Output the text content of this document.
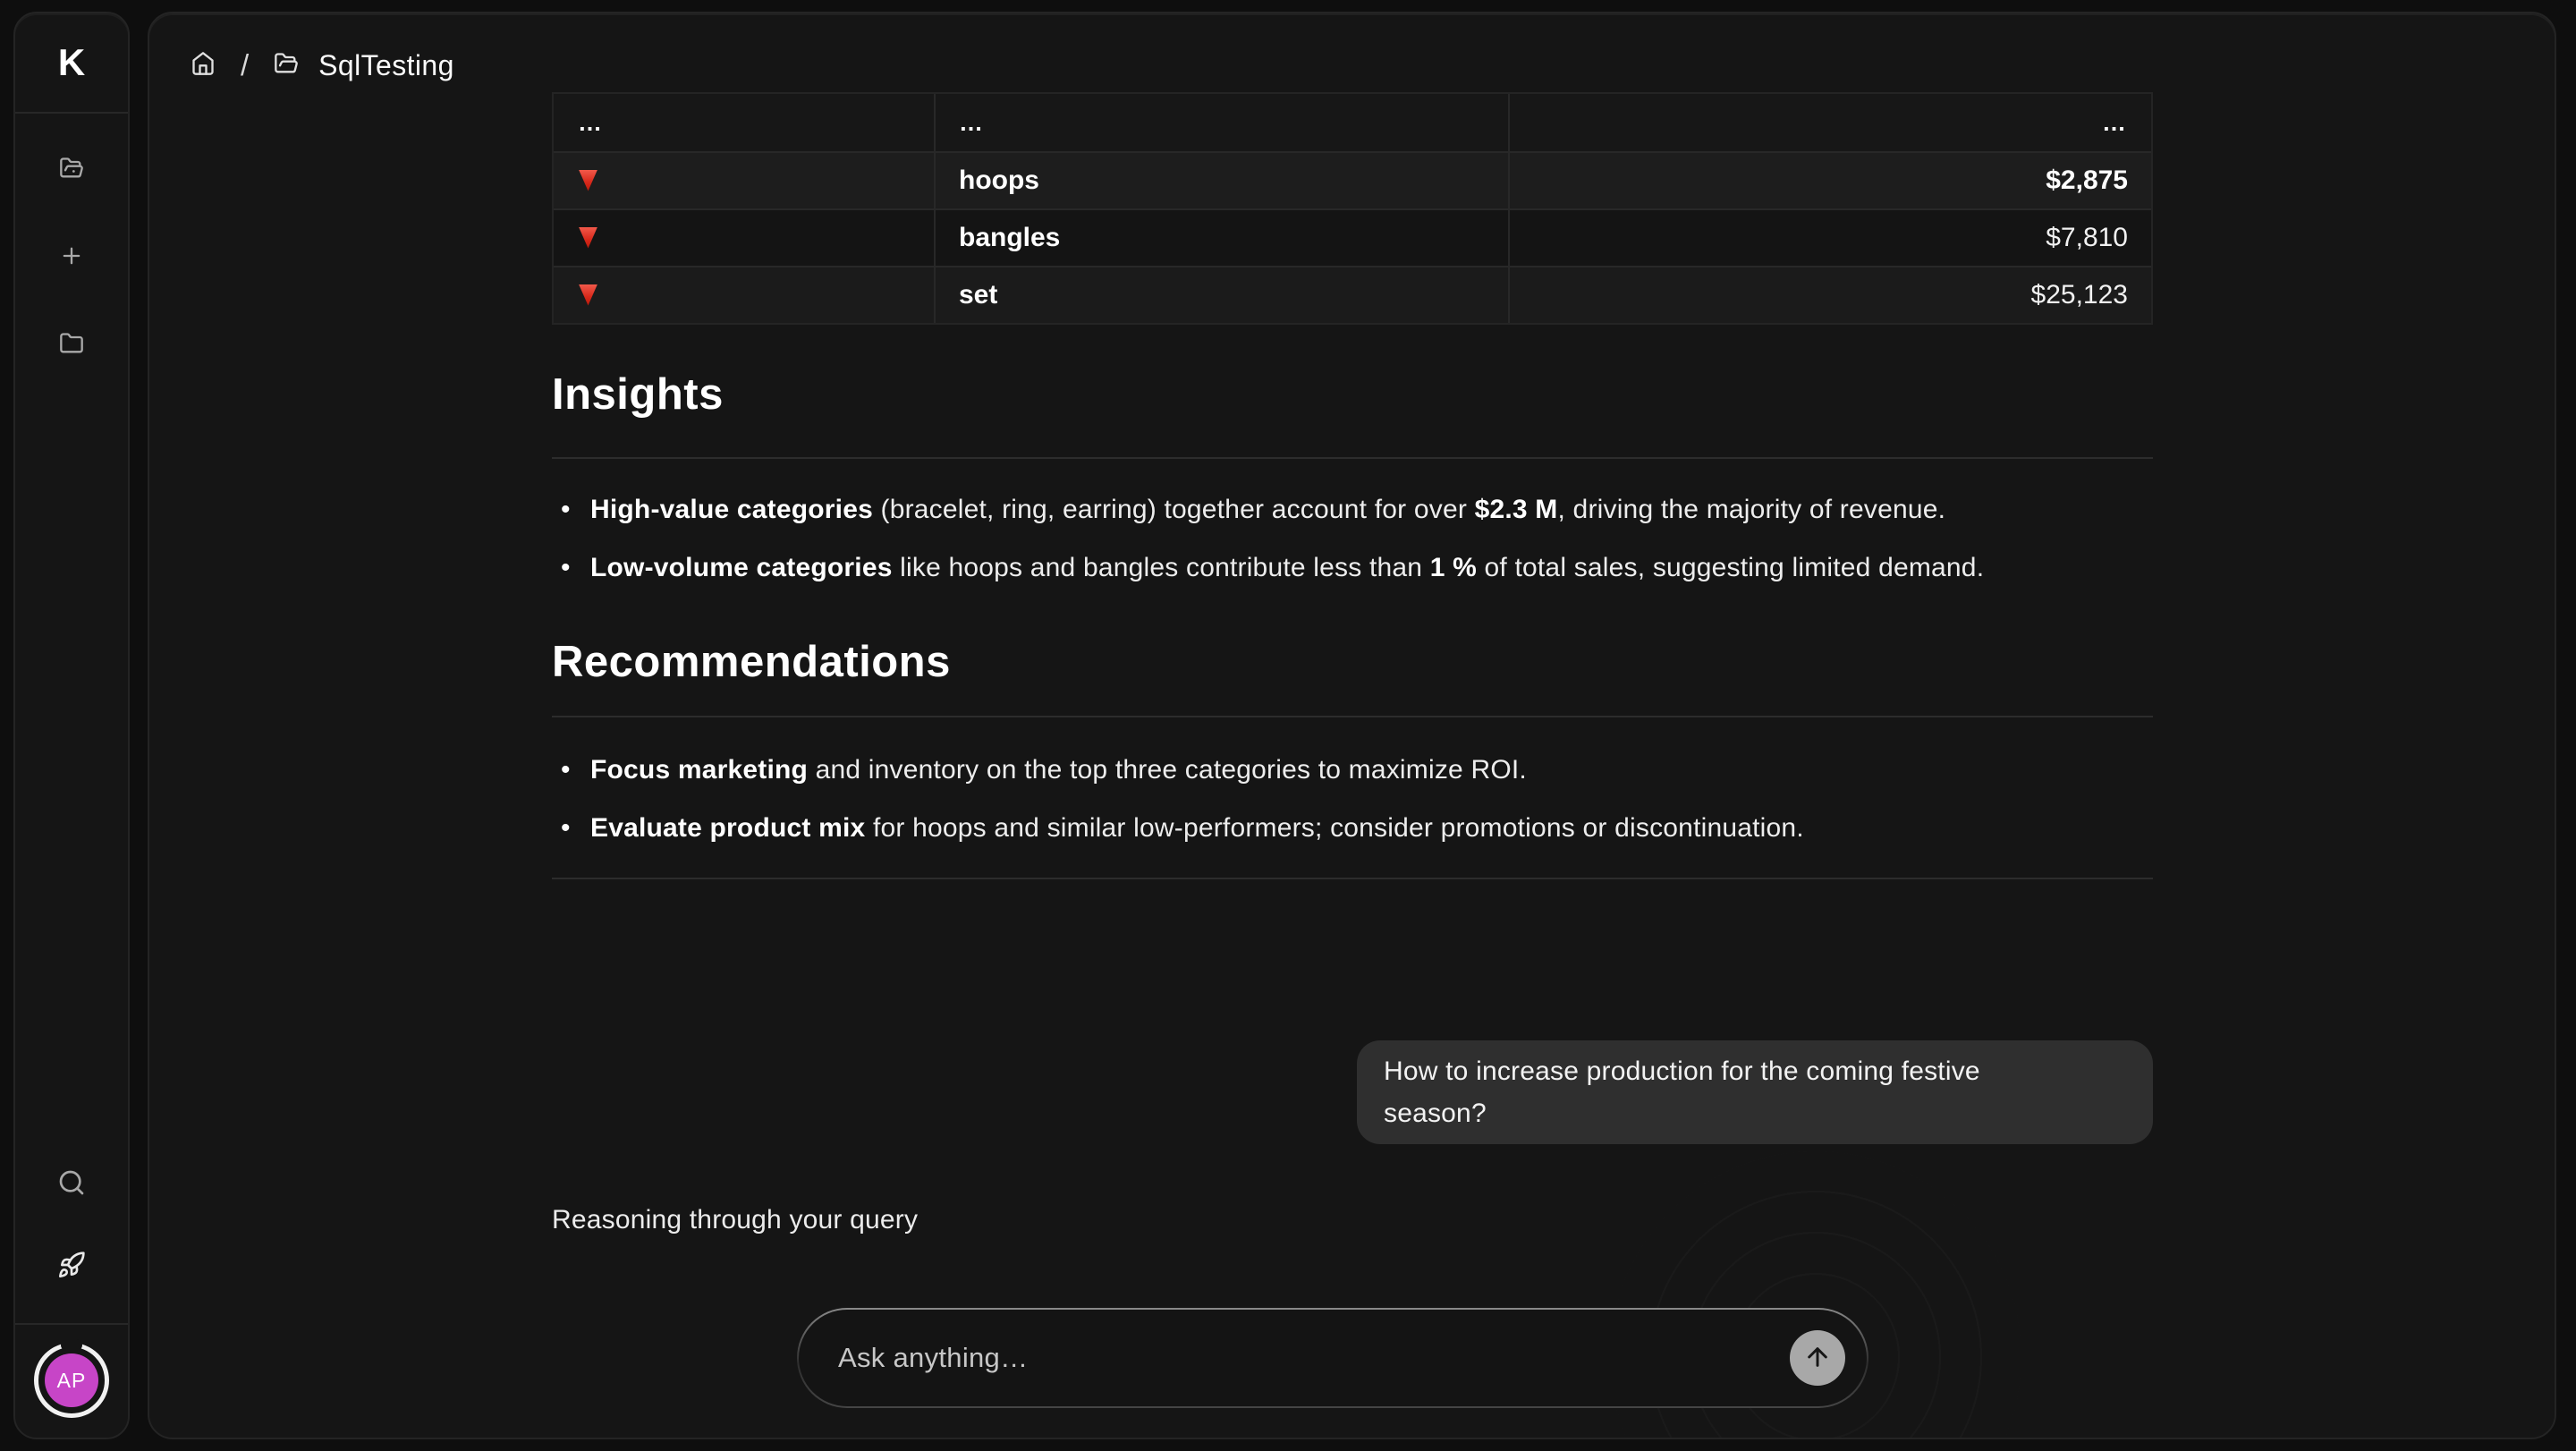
K
AP
/ SqlTesting
…	…	…
hoops	$2,875
bangles	$7,810
set	$25,123
Insights
• High-value categories (bracelet, ring, earring) together account for over $2.3 M, driving the majority of revenue.
• Low-volume categories like hoops and bangles contribute less than 1 % of total sales, suggesting limited demand.
Recommendations
• Focus marketing and inventory on the top three categories to maximize ROI.
• Evaluate product mix for hoops and similar low-performers; consider promotions or discontinuation.
How to increase production for the coming festive season?
Reasoning through your query
Ask anything…
